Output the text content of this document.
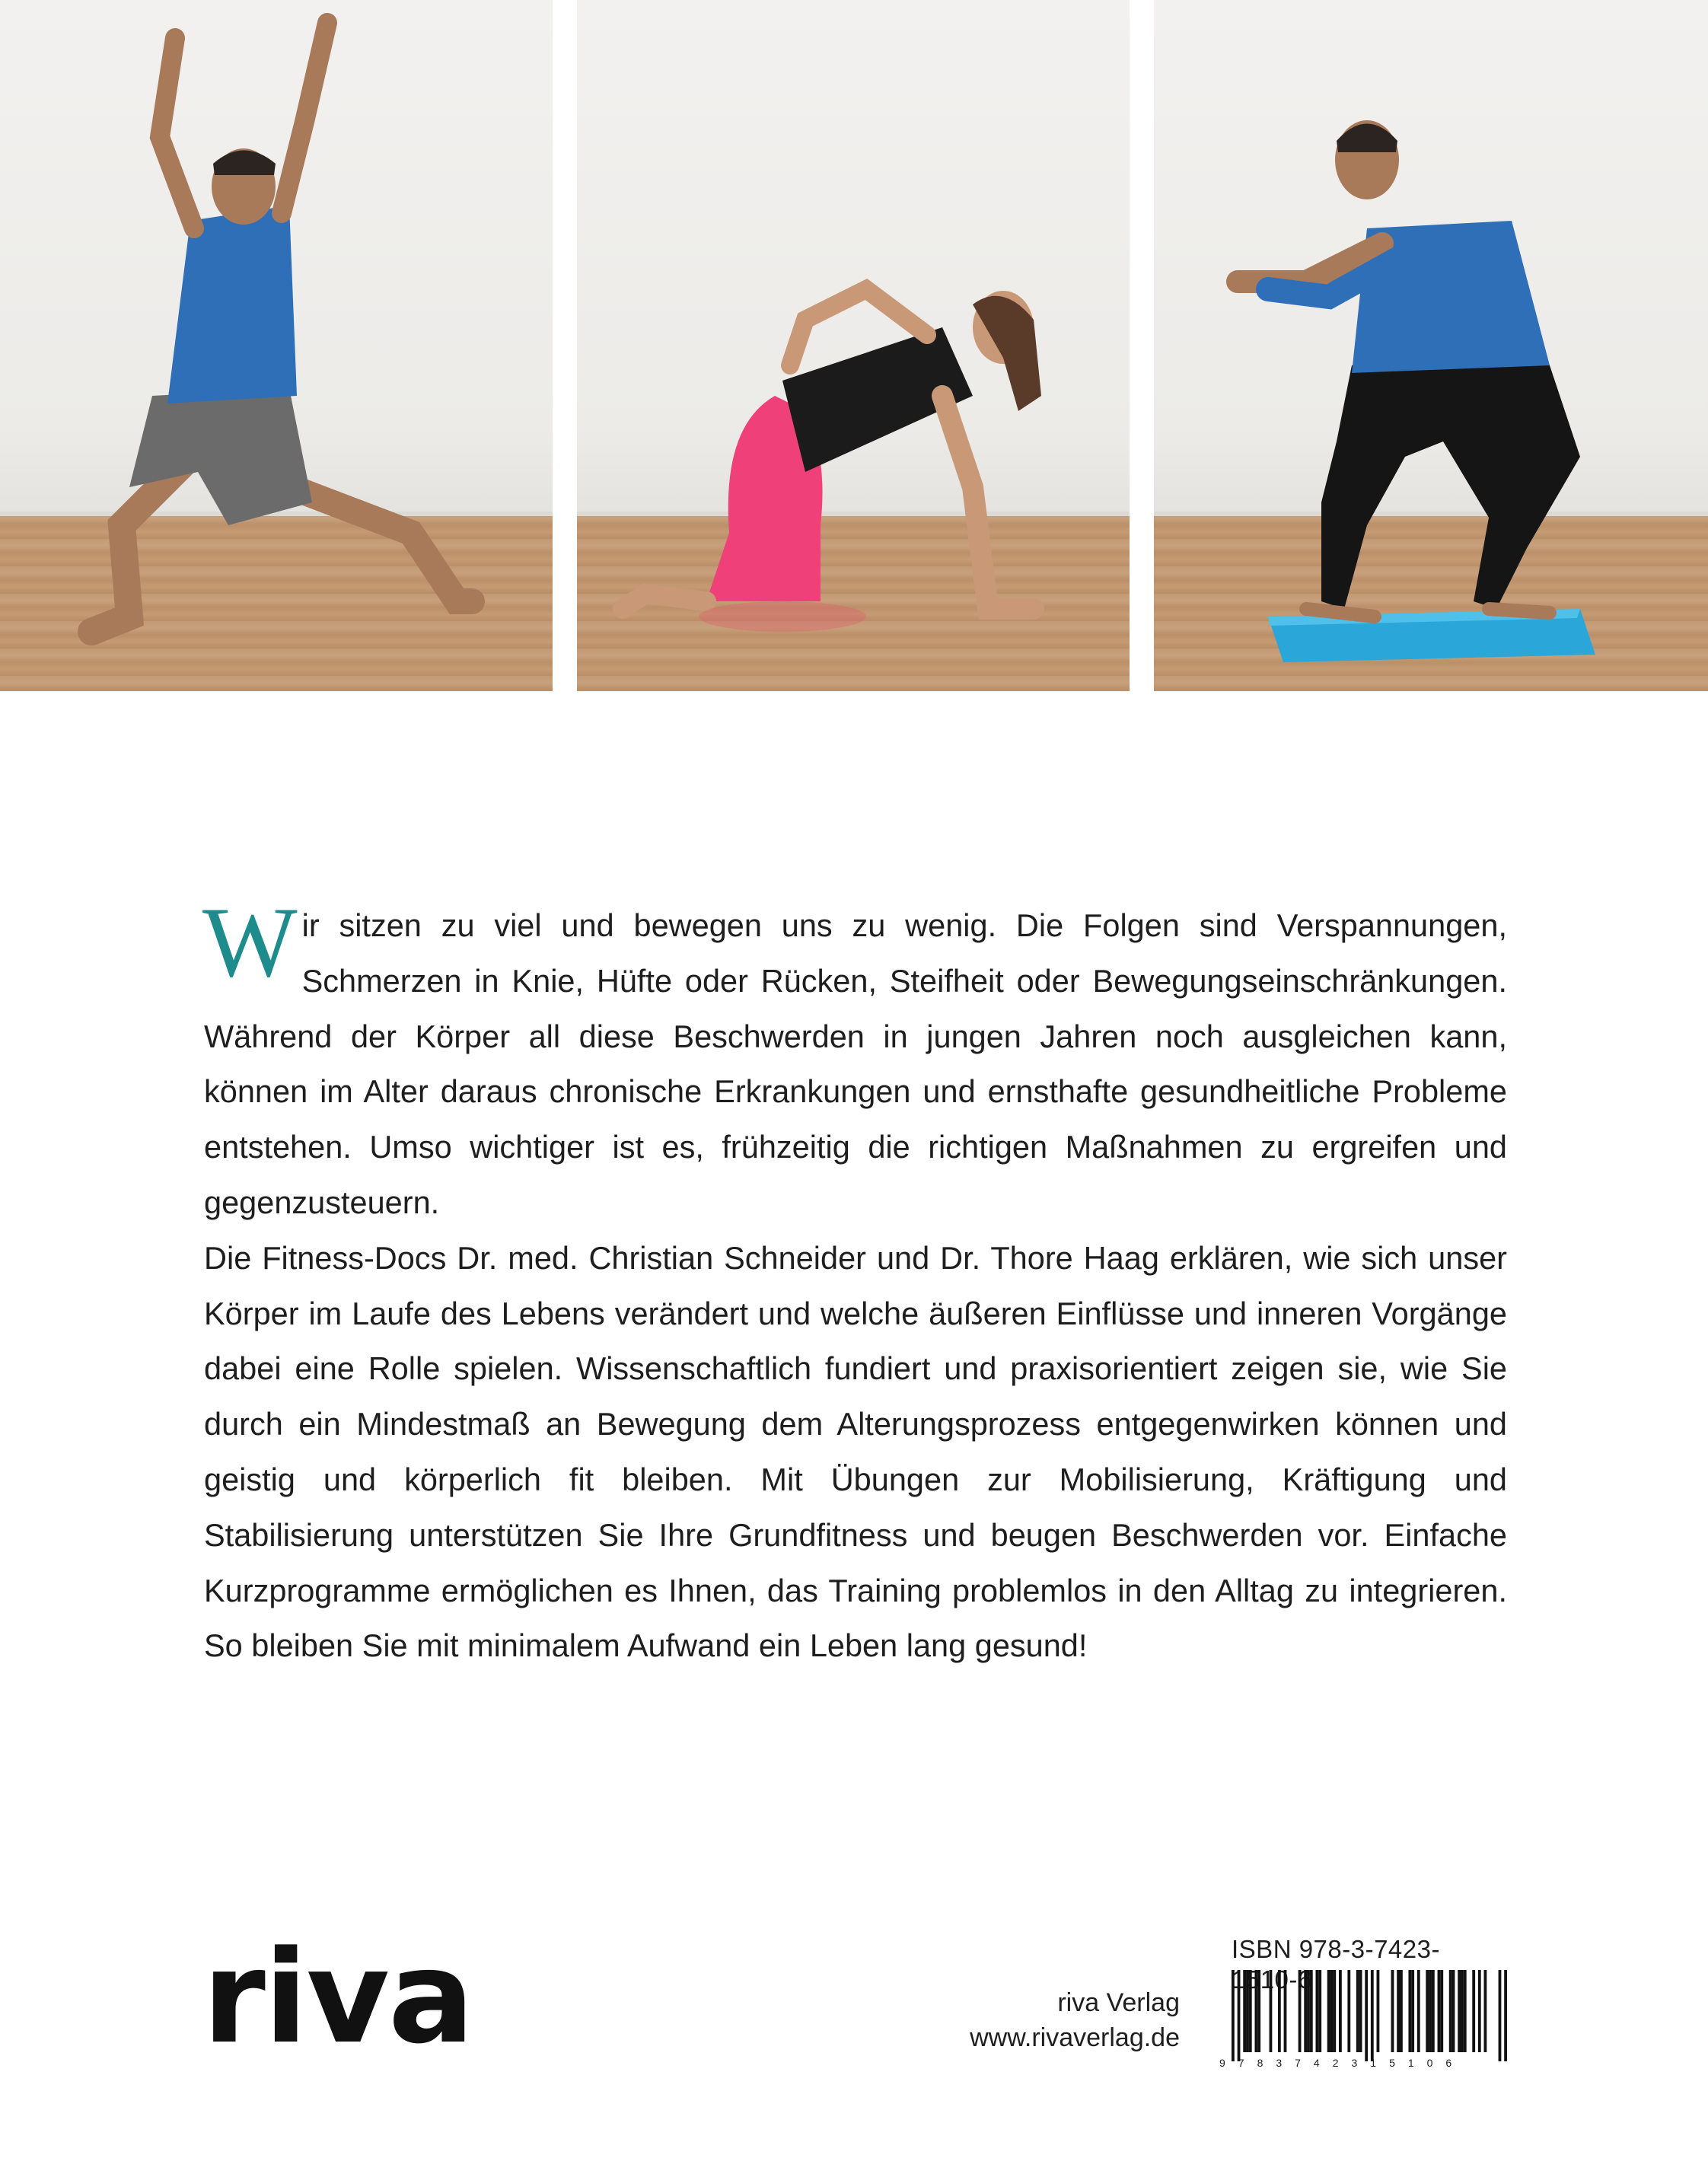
Wir sitzen zu viel und bewegen uns zu wenig. Die Folgen sind Verspannungen, Schmerzen in Knie, Hüfte oder Rücken, Steifheit oder Bewegungseinschränkungen. Während der Körper all diese Beschwerden in jungen Jahren noch ausgleichen kann, können im Alter daraus chronische Erkrankungen und ernsthafte gesundheitliche Probleme entstehen. Umso wichtiger ist es, frühzeitig die richtigen Maßnahmen zu ergreifen und gegenzusteuern.

Die Fitness-Docs Dr. med. Christian Schneider und Dr. Thore Haag erklären, wie sich unser Körper im Laufe des Lebens verändert und welche äußeren Einflüsse und inneren Vorgänge dabei eine Rolle spielen. Wissenschaftlich fundiert und praxisorientiert zeigen sie, wie Sie durch ein Mindestmaß an Bewegung dem Alterungsprozess entgegenwirken können und geistig und körperlich fit bleiben. Mit Übungen zur Mobilisierung, Kräftigung und Stabilisierung unterstützen Sie Ihre Grundfitness und beugen Beschwerden vor. Einfache Kurzprogramme ermöglichen es Ihnen, das Training problemlos in den Alltag zu integrieren. So bleiben Sie mit minimalem Aufwand ein Leben lang gesund!

riva	riva Verlag
www.rivaverlag.de
ISBN 978-3-7423-1510-6
9783742315106
